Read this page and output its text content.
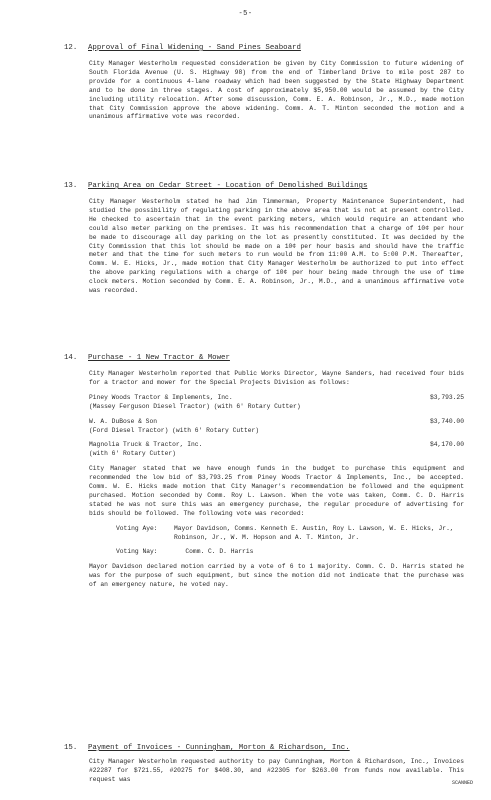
-5-
12. Approval of Final Widening - Sand Pines Seaboard
City Manager Westerholm requested consideration be given by City Commission to future widening of South Florida Avenue (U. S. Highway 98) from the end of Timberland Drive to mile post 287 to provide for a continuous 4-lane roadway which had been suggested by the State Highway Department and to be done in three stages. A cost of approximately $5,950.00 would be assumed by the City including utility relocation. After some discussion, Comm. E. A. Robinson, Jr., M.D., made motion that City Commission approve the above widening. Comm. A. T. Minton seconded the motion and a unanimous affirmative vote was recorded.
13. Parking Area on Cedar Street - Location of Demolished Buildings
City Manager Westerholm stated he had Jim Timmerman, Property Maintenance Superintendent, had studied the possibility of regulating parking in the above area that is not at present controlled. He checked to ascertain that in the event parking meters, which would require an attendant who could also meter parking on the premises. It was his recommendation that a charge of 10¢ per hour be made to discourage all day parking on the lot as presently constituted. It was decided by the City Commission that this lot should be made on a 10¢ per hour basis and should have the traffic meter and that the time for such meters to run would be from 11:00 A.M. to 5:00 P.M. Thereafter, Comm. W. E. Hicks, Jr., made motion that City Manager Westerholm be authorized to put into effect the above parking regulations with a charge of 10¢ per hour being made through the use of time clock meters. Motion seconded by Comm. E. A. Robinson, Jr., M.D., and a unanimous affirmative vote was recorded.
14. Purchase - 1 New Tractor & Mower
City Manager Westerholm reported that Public Works Director, Wayne Sanders, had received four bids for a tractor and mower for the Special Projects Division as follows:
Piney Woods Tractor & Implements, Inc.
(Massey Ferguson Diesel Tractor) (with 6' Rotary Cutter)
$3,793.25
W. A. DuBose & Son
(Ford Diesel Tractor) (with 6' Rotary Cutter)
$3,740.00
Magnolia Truck & Tractor, Inc.
(with 6' Rotary Cutter)
$4,170.00
City Manager stated that we have enough funds in the budget to purchase this equipment and recommended the low bid of $3,793.25 from Piney Woods Tractor & Implements, Inc., be accepted. Comm. W. E. Hicks made motion that City Manager's recommendation be followed and the equipment purchased. Motion seconded by Comm. Roy L. Lawson. When the vote was taken, Comm. C. D. Harris stated he was not sure this was an emergency purchase, the regular procedure of advertising for bids should be followed. The following vote was recorded:
Voting Aye:	Mayor Davidson, Comms. Kenneth E. Austin, Roy L. Lawson, W. E. Hicks, Jr., Robinson, Jr., W. M. Hopson and A. T. Minton, Jr.
Voting Nay:	Comm. C. D. Harris
Mayor Davidson declared motion carried by a vote of 6 to 1 majority. Comm. C. D. Harris stated he was for the purpose of such equipment, but since the motion did not indicate that the purchase was of an emergency nature, he voted nay.
15. Payment of Invoices - Cunningham, Morton & Richardson, Inc.
City Manager Westerholm requested authority to pay Cunningham, Morton & Richardson, Inc., Invoices #22287 for $721.55, #20275 for $408.30, and #22305 for $263.00 from funds now available. This request was
SCANNED
